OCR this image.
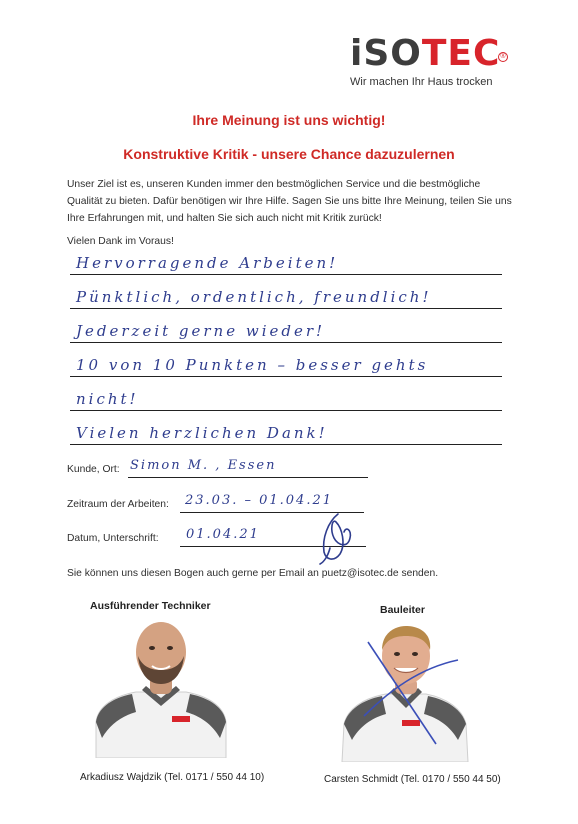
iSOTEC ®
Wir machen Ihr Haus trocken
Ihre Meinung ist uns wichtig!
Konstruktive Kritik - unsere Chance dazuzulernen
Unser Ziel ist es, unseren Kunden immer den bestmöglichen Service und die bestmögliche Qualität zu bieten. Dafür benötigen wir Ihre Hilfe. Sagen Sie uns bitte Ihre Meinung, teilen Sie uns Ihre Erfahrungen mit, und halten Sie sich auch nicht mit Kritik zurück!
Vielen Dank im Voraus!
Hervorragende Arbeiten!
Pünktlich, ordentlich, freundlich!
Jederzeit gerne wieder!
10 von 10 Punkten – besser gehts
nicht!
Vielen herzlichen Dank!
Kunde, Ort: Simon M. , Essen
Zeitraum der Arbeiten: 23.03. – 01.04.21
Datum, Unterschrift: 01.04.21
Sie können uns diesen Bogen auch gerne per Email an puetz@isotec.de senden.
Ausführender Techniker
Arkadiusz Wajdzik (Tel. 0171 / 550 44 10)
Bauleiter
Carsten Schmidt (Tel. 0170 / 550 44 50)
